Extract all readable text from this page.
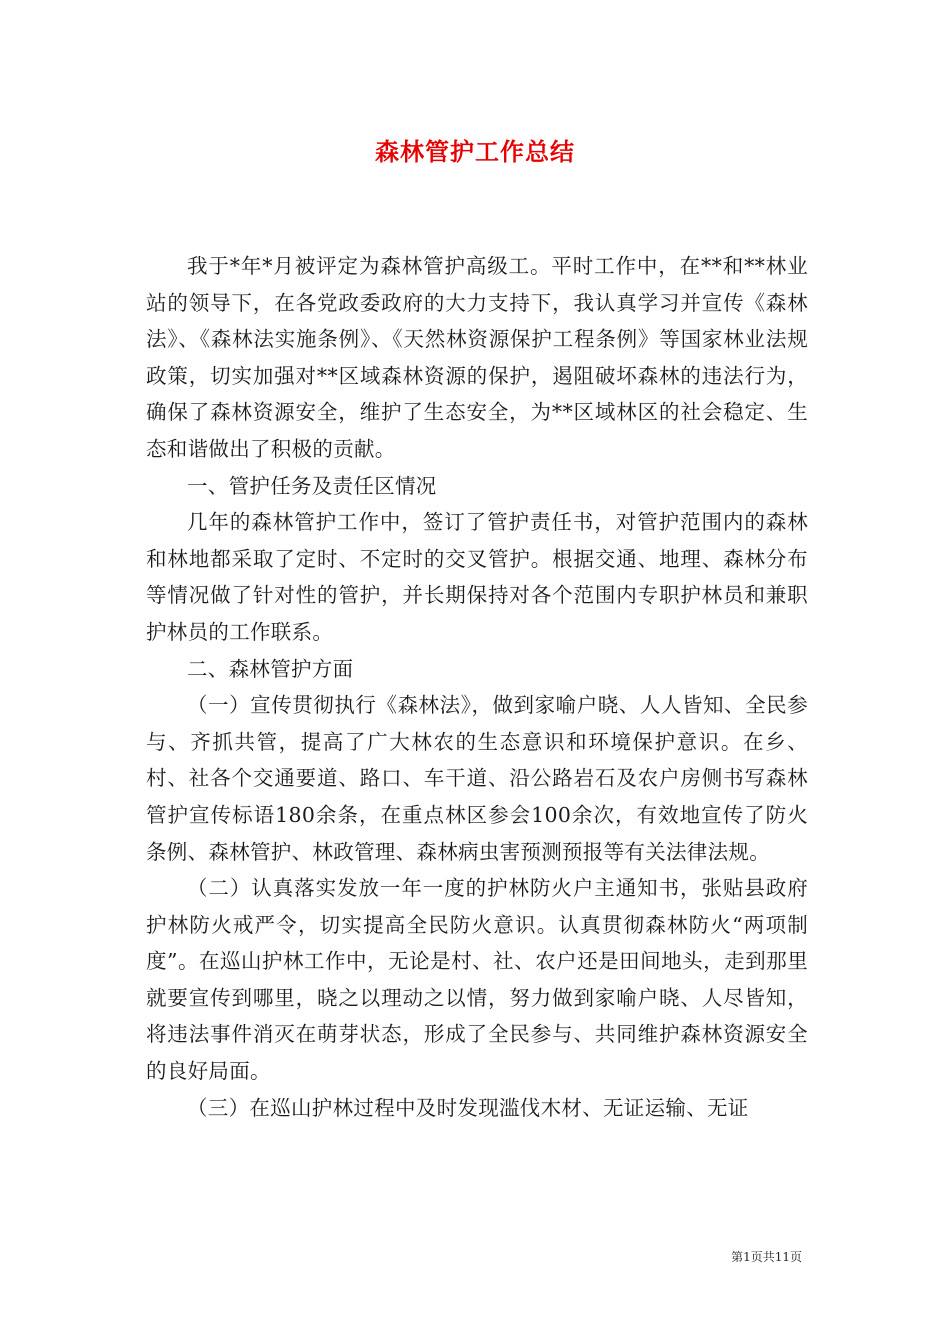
森林管护工作总结

我于*年*月被评定为森林管护高级工。平时工作中，在**和**林业站的领导下，在各党政委政府的大力支持下，我认真学习并宣传《森林法》、《森林法实施条例》、《天然林资源保护工程条例》等国家林业法规政策，切实加强对**区域森林资源的保护，遏阻破坏森林的违法行为，确保了森林资源安全，维护了生态安全，为**区域林区的社会稳定、生态和谐做出了积极的贡献。

一、管护任务及责任区情况

几年的森林管护工作中，签订了管护责任书，对管护范围内的森林和林地都采取了定时、不定时的交叉管护。根据交通、地理、森林分布等情况做了针对性的管护，并长期保持对各个范围内专职护林员和兼职护林员的工作联系。

二、森林管护方面

（一）宣传贯彻执行《森林法》，做到家喻户晓、人人皆知、全民参与、齐抓共管，提高了广大林农的生态意识和环境保护意识。在乡、村、社各个交通要道、路口、车干道、沿公路岩石及农户房侧书写森林管护宣传标语180余条，在重点林区参会100余次，有效地宣传了防火条例、森林管护、林政管理、森林病虫害预测预报等有关法律法规。

（二）认真落实发放一年一度的护林防火户主通知书，张贴县政府护林防火戒严令，切实提高全民防火意识。认真贯彻森林防火“两项制度”。在巡山护林工作中，无论是村、社、农户还是田间地头，走到那里就要宣传到哪里，晓之以理动之以情，努力做到家喻户晓、人尽皆知，将违法事件消灭在萌芽状态，形成了全民参与、共同维护森林资源安全的良好局面。

（三）在巡山护林过程中及时发现滥伐木材、无证运输、无证

第1页共11页
